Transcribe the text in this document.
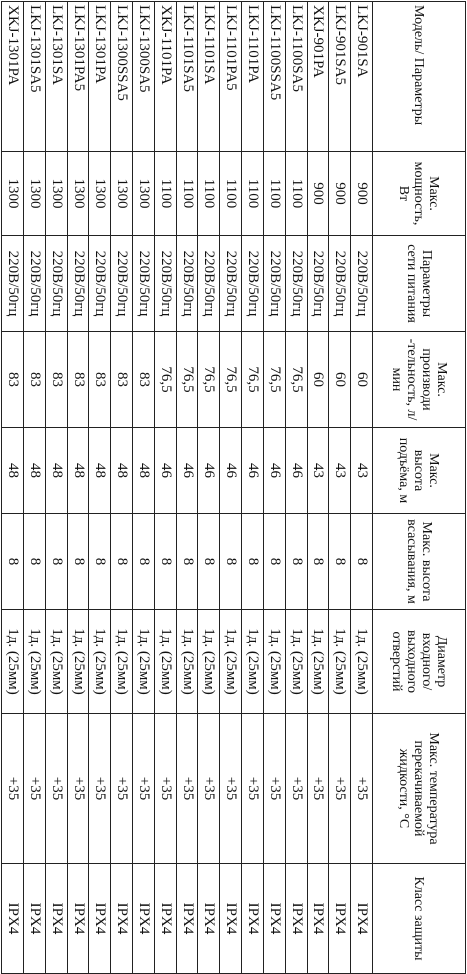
Модель/ Параметры	Макс. мощность, Вт	Параметры сети питания	Макс. производи -тельность, л/мин	Макс. высота подъёма, м	Макс. высота всасывания, м	Диаметр входного/ выходного отверстий	Макс. температура перекачиваемой жидкости, °С	Класс защиты
LKJ-901SA	900	220В/50гц	60	43	8	1д. (25мм)	+35	IPX4
LKJ-901SA5	900	220В/50гц	60	43	8	1д. (25мм)	+35	IPX4
XKJ-901PA	900	220В/50гц	60	43	8	1д. (25мм)	+35	IPX4
LKJ-1100SA5	1100	220В/50гц	76,5	46	8	1д. (25мм)	+35	IPX4
LKJ-1100SSA5	1100	220В/50гц	76,5	46	8	1д. (25мм)	+35	IPX4
LKJ-1101PA	1100	220В/50гц	76,5	46	8	1д. (25мм)	+35	IPX4
LKJ-1101PA5	1100	220В/50гц	76,5	46	8	1д. (25мм)	+35	IPX4
LKJ-1101SA	1100	220В/50гц	76,5	46	8	1д. (25мм)	+35	IPX4
LKJ-1101SA5	1100	220В/50гц	76,5	46	8	1д. (25мм)	+35	IPX4
XKJ-1101PA	1100	220В/50гц	76,5	46	8	1д. (25мм)	+35	IPX4
LKJ-1300SA5	1300	220В/50гц	83	48	8	1д. (25мм)	+35	IPX4
LKJ-1300SSA5	1300	220В/50гц	83	48	8	1д. (25мм)	+35	IPX4
LKJ-1301PA	1300	220В/50гц	83	48	8	1д. (25мм)	+35	IPX4
LKJ-1301PA5	1300	220В/50гц	83	48	8	1д. (25мм)	+35	IPX4
LKJ-1301SA	1300	220В/50гц	83	48	8	1д. (25мм)	+35	IPX4
LKJ-1301SA5	1300	220В/50гц	83	48	8	1д. (25мм)	+35	IPX4
XKJ-1301PA	1300	220В/50гц	83	48	8	1д. (25мм)	+35	IPX4
